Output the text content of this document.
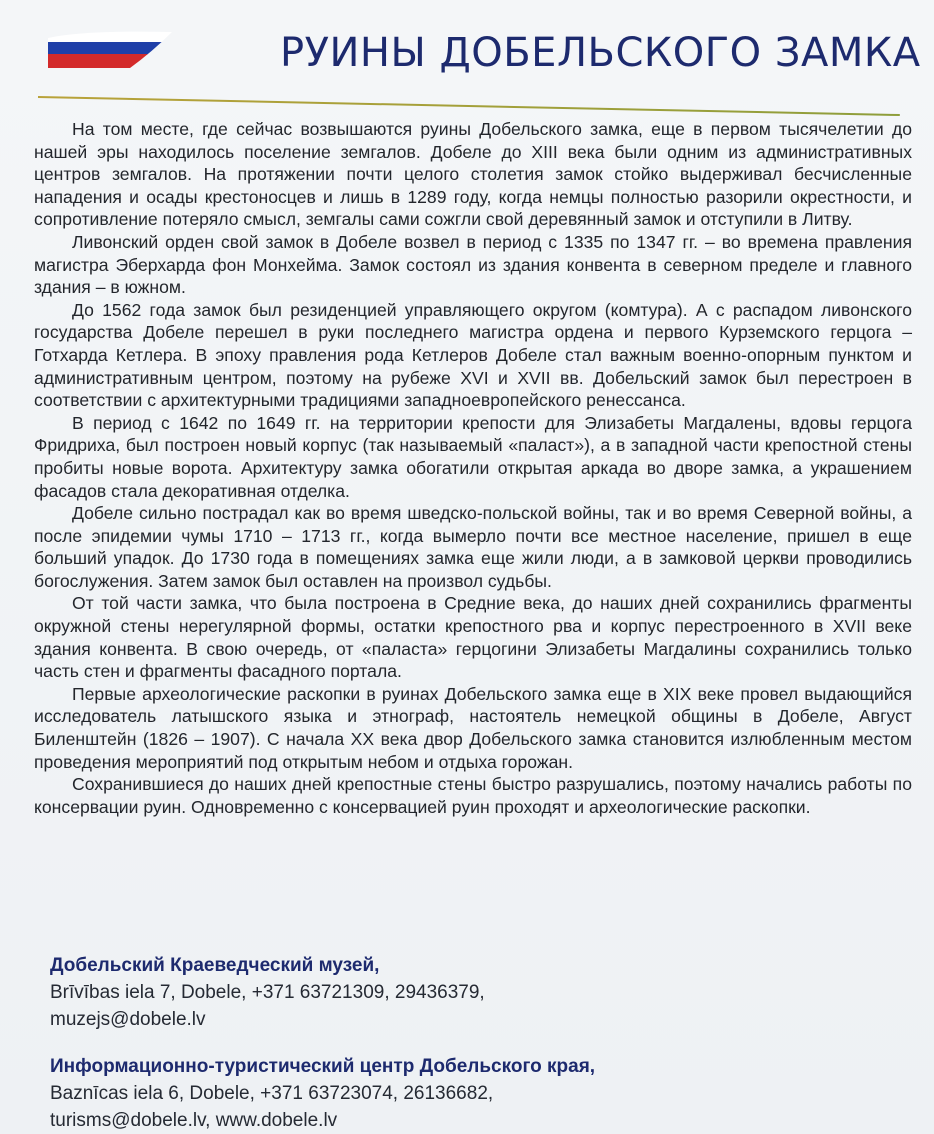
РУИНЫ ДОБЕЛЬСКОГО ЗАМКА

На том месте, где сейчас возвышаются руины Добельского замка, еще в первом тысячелетии до нашей эры находилось поселение земгалов. Добеле до XIII века были одним из административных центров земгалов. На протяжении почти целого столетия замок стойко выдерживал бесчисленные нападения и осады крестоносцев и лишь в 1289 году, когда немцы полностью разорили окрестности, и сопротивление потеряло смысл, земгалы сами сожгли свой деревянный замок и отступили в Литву.

Ливонский орден свой замок в Добеле возвел в период с 1335 по 1347 гг. – во времена правления магистра Эберхарда фон Монхейма. Замок состоял из здания конвента в северном пределе и главного здания – в южном.

До 1562 года замок был резиденцией управляющего округом (комтура). А с распадом ливонского государства Добеле перешел в руки последнего магистра ордена и первого Курземского герцога – Готхарда Кетлера. В эпоху правления рода Кетлеров Добеле стал важным военно-опорным пунктом и административным центром, поэтому на рубеже XVI и XVII вв. Добельский замок был перестроен в соответствии с архитектурными традициями западноевропейского ренессанса.

В период с 1642 по 1649 гг. на территории крепости для Элизабеты Магдалены, вдовы герцога Фридриха, был построен новый корпус (так называемый «паласт»), а в западной части крепостной стены пробиты новые ворота. Архитектуру замка обогатили открытая аркада во дворе замка, а украшением фасадов стала декоративная отделка.

Добеле сильно пострадал как во время шведско-польской войны, так и во время Северной войны, а после эпидемии чумы 1710 – 1713 гг., когда вымерло почти все местное население, пришел в еще больший упадок. До 1730 года в помещениях замка еще жили люди, а в замковой церкви проводились богослужения. Затем замок был оставлен на произвол судьбы.

От той части замка, что была построена в Средние века, до наших дней сохранились фрагменты окружной стены нерегулярной формы, остатки крепостного рва и корпус перестроенного в XVII веке здания конвента. В свою очередь, от «паласта» герцогини Элизабеты Магдалины сохранились только часть стен и фрагменты фасадного портала.

Первые археологические раскопки в руинах Добельского замка еще в XIX веке провел выдающийся исследователь латышского языка и этнограф, настоятель немецкой общины в Добеле, Август Биленштейн (1826 – 1907). С начала XX века двор Добельского замка становится излюбленным местом проведения мероприятий под открытым небом и отдыха горожан.

Сохранившиеся до наших дней крепостные стены быстро разрушались, поэтому начались работы по консервации руин. Одновременно с консервацией руин проходят и археологические раскопки.

Добельский Краеведческий музей,
Brīvības iela 7, Dobele, +371 63721309, 29436379,
muzejs@dobele.lv
Информационно-туристический центр Добельского края,
Baznīcas iela 6, Dobele, +371 63723074, 26136682,
turisms@dobele.lv, www.dobele.lv
